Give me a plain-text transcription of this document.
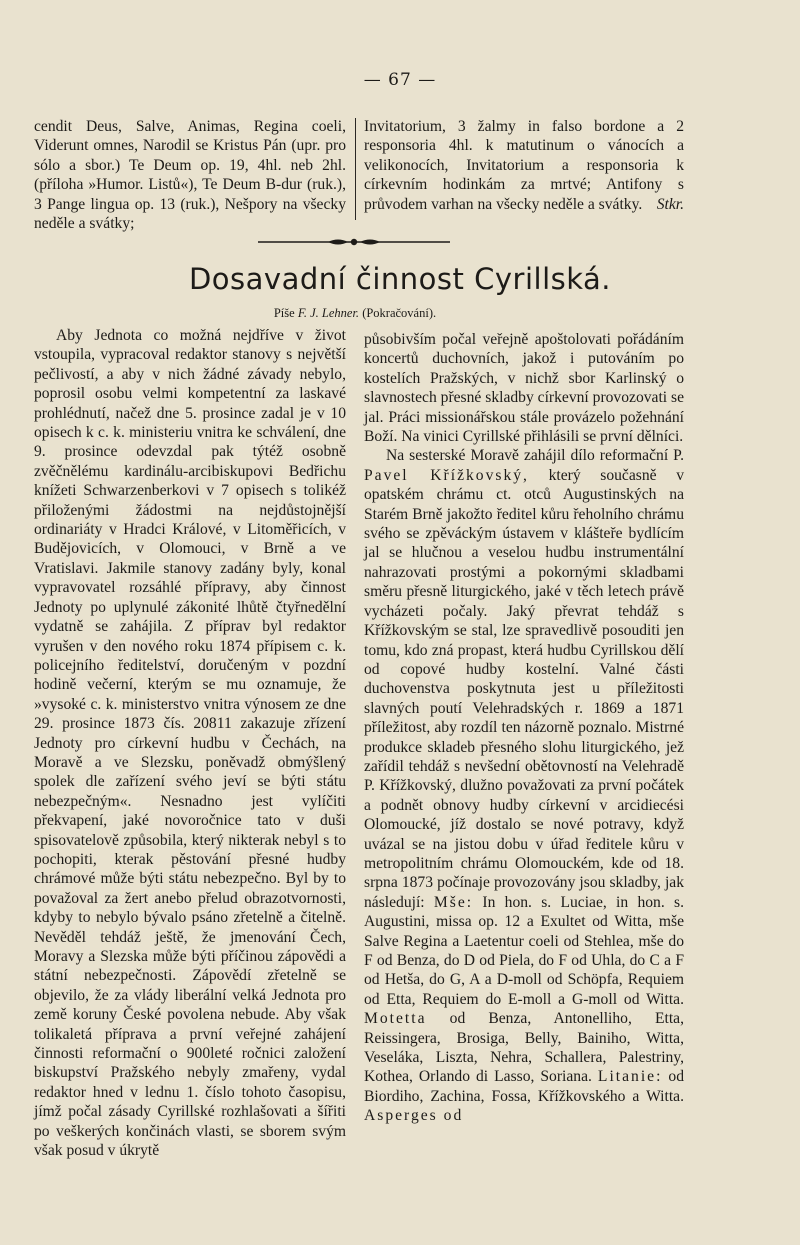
— 67 —

cendit Deus, Salve, Animas, Regina coeli, Viderunt omnes, Narodil se Kristus Pán (upr. pro sólo a sbor.) Te Deum op. 19, 4hl. neb 2hl. (příloha »Humor. Listů«), Te Deum B-dur (ruk.), 3 Pange lingua op. 13 (ruk.), Nešpory na všecky neděle a svátky;

Invitatorium, 3 žalmy in falso bordone a 2 responsoria 4hl. k matutinum o vánocích a velikonocích, Invitatorium a responsoria k církevním hodinkám za mrtvé; Antifony s průvodem varhan na všecky neděle a svátky. Stkr.

Dosavadní činnost Cyrillská.
Píše F. J. Lehner. (Pokračování).

Aby Jednota co možná nejdříve v život vstoupila, vypracoval redaktor stanovy s největší pečlivostí, a aby v nich žádné závady nebylo, poprosil osobu velmi kompetentní za laskavé prohlédnutí, načež dne 5. prosince zadal je v 10 opisech k c. k. ministeriu vnitra ke schválení, dne 9. prosince odevzdal pak týtéž osobně zvěčnělému kardinálu-arcibiskupovi Bedřichu knížeti Schwarzenberkovi v 7 opisech s tolikéž přiloženými žádostmi na nejdůstojnější ordinariáty v Hradci Králové, v Litoměřicích, v Budějovicích, v Olomouci, v Brně a ve Vratislavi. Jakmile stanovy zadány byly, konal vypravovatel rozsáhlé přípravy, aby činnost Jednoty po uplynulé zákonité lhůtě čtyřnedělní vydatně se zahájila. Z příprav byl redaktor vyrušen v den nového roku 1874 přípisem c. k. policejního ředitelství, doručeným v pozdní hodině večerní, kterým se mu oznamuje, že »vysoké c. k. ministerstvo vnitra výnosem ze dne 29. prosince 1873 čís. 20811 zakazuje zřízení Jednoty pro církevní hudbu v Čechách, na Moravě a ve Slezsku, poněvadž obmýšlený spolek dle zařízení svého jeví se býti státu nebezpečným«. Nesnadno jest vylíčiti překvapení, jaké novoročnice tato v duši spisovatelově způsobila, který nikterak nebyl s to pochopiti, kterak pěstování přesné hudby chrámové může býti státu nebezpečno. Byl by to považoval za žert anebo přelud obrazotvornosti, kdyby to nebylo bývalo psáno zřetelně a čitelně. Nevěděl tehdáž ještě, že jmenování Čech, Moravy a Slezska může býti příčinou zápovědi a státní nebezpečnosti. Zápovědí zřetelně se objevilo, že za vlády liberální velká Jednota pro země koruny České povolena nebude. Aby však tolikaletá příprava a první veřejné zahájení činnosti reformační o 900leté ročnici založení biskupství Pražského nebyly zmařeny, vydal redaktor hned v lednu 1. číslo tohoto časopisu, jímž počal zásady Cyrillské rozhlašovati a šířiti po veškerých končinách vlasti, se sborem svým však posud v úkrytě

působivším počal veřejně apoštolovati pořádáním koncertů duchovních, jakož i putováním po kostelích Pražských, v nichž sbor Karlinský o slavnostech přesné skladby církevní provozovati se jal. Práci missionářskou stále provázelo požehnání Boží. Na vinici Cyrillské přihlásili se první dělníci.

Na sesterské Moravě zahájil dílo reformační P. Pavel Křížkovský, který současně v opatském chrámu ct. otců Augustinských na Starém Brně jakožto ředitel kůru řeholního chrámu svého se zpěváckým ústavem v klášteře bydlícím jal se hlučnou a veselou hudbu instrumentální nahrazovati prostými a pokornými skladbami směru přesně liturgického, jaké v těch letech právě vycházeti počaly. Jaký převrat tehdáž s Křížkovským se stal, lze spravedlivě posouditi jen tomu, kdo zná propast, která hudbu Cyrillskou dělí od copové hudby kostelní. Valné části duchovenstva poskytnuta jest u příležitosti slavných poutí Velehradských r. 1869 a 1871 příležitost, aby rozdíl ten názorně poznalo. Mistrné produkce skladeb přesného slohu liturgického, jež zařídil tehdáž s nevšední obětovností na Velehradě P. Křížkovský, dlužno považovati za první počátek a podnět obnovy hudby církevní v arcidiecési Olomoucké, jíž dostalo se nové potravy, když uvázal se na jistou dobu v úřad ředitele kůru v metropolitním chrámu Olomouckém, kde od 18. srpna 1873 počínaje provozovány jsou skladby, jak následují: Mše: In hon. s. Luciae, in hon. s. Augustini, missa op. 12 a Exultet od Witta, mše Salve Regina a Laetentur coeli od Stehlea, mše do F od Benza, do D od Piela, do F od Uhla, do C a F od Hetša, do G, A a D-moll od Schöpfa, Requiem od Etta, Requiem do E-moll a G-moll od Witta. Motetta od Benza, Antonelliho, Etta, Reissingera, Brosiga, Belly, Bainiho, Witta, Veseláka, Liszta, Nehra, Schallera, Palestriny, Kothea, Orlando di Lasso, Soriana. Litanie: od Biordiho, Zachina, Fossa, Křížkovského a Witta. Asperges od
